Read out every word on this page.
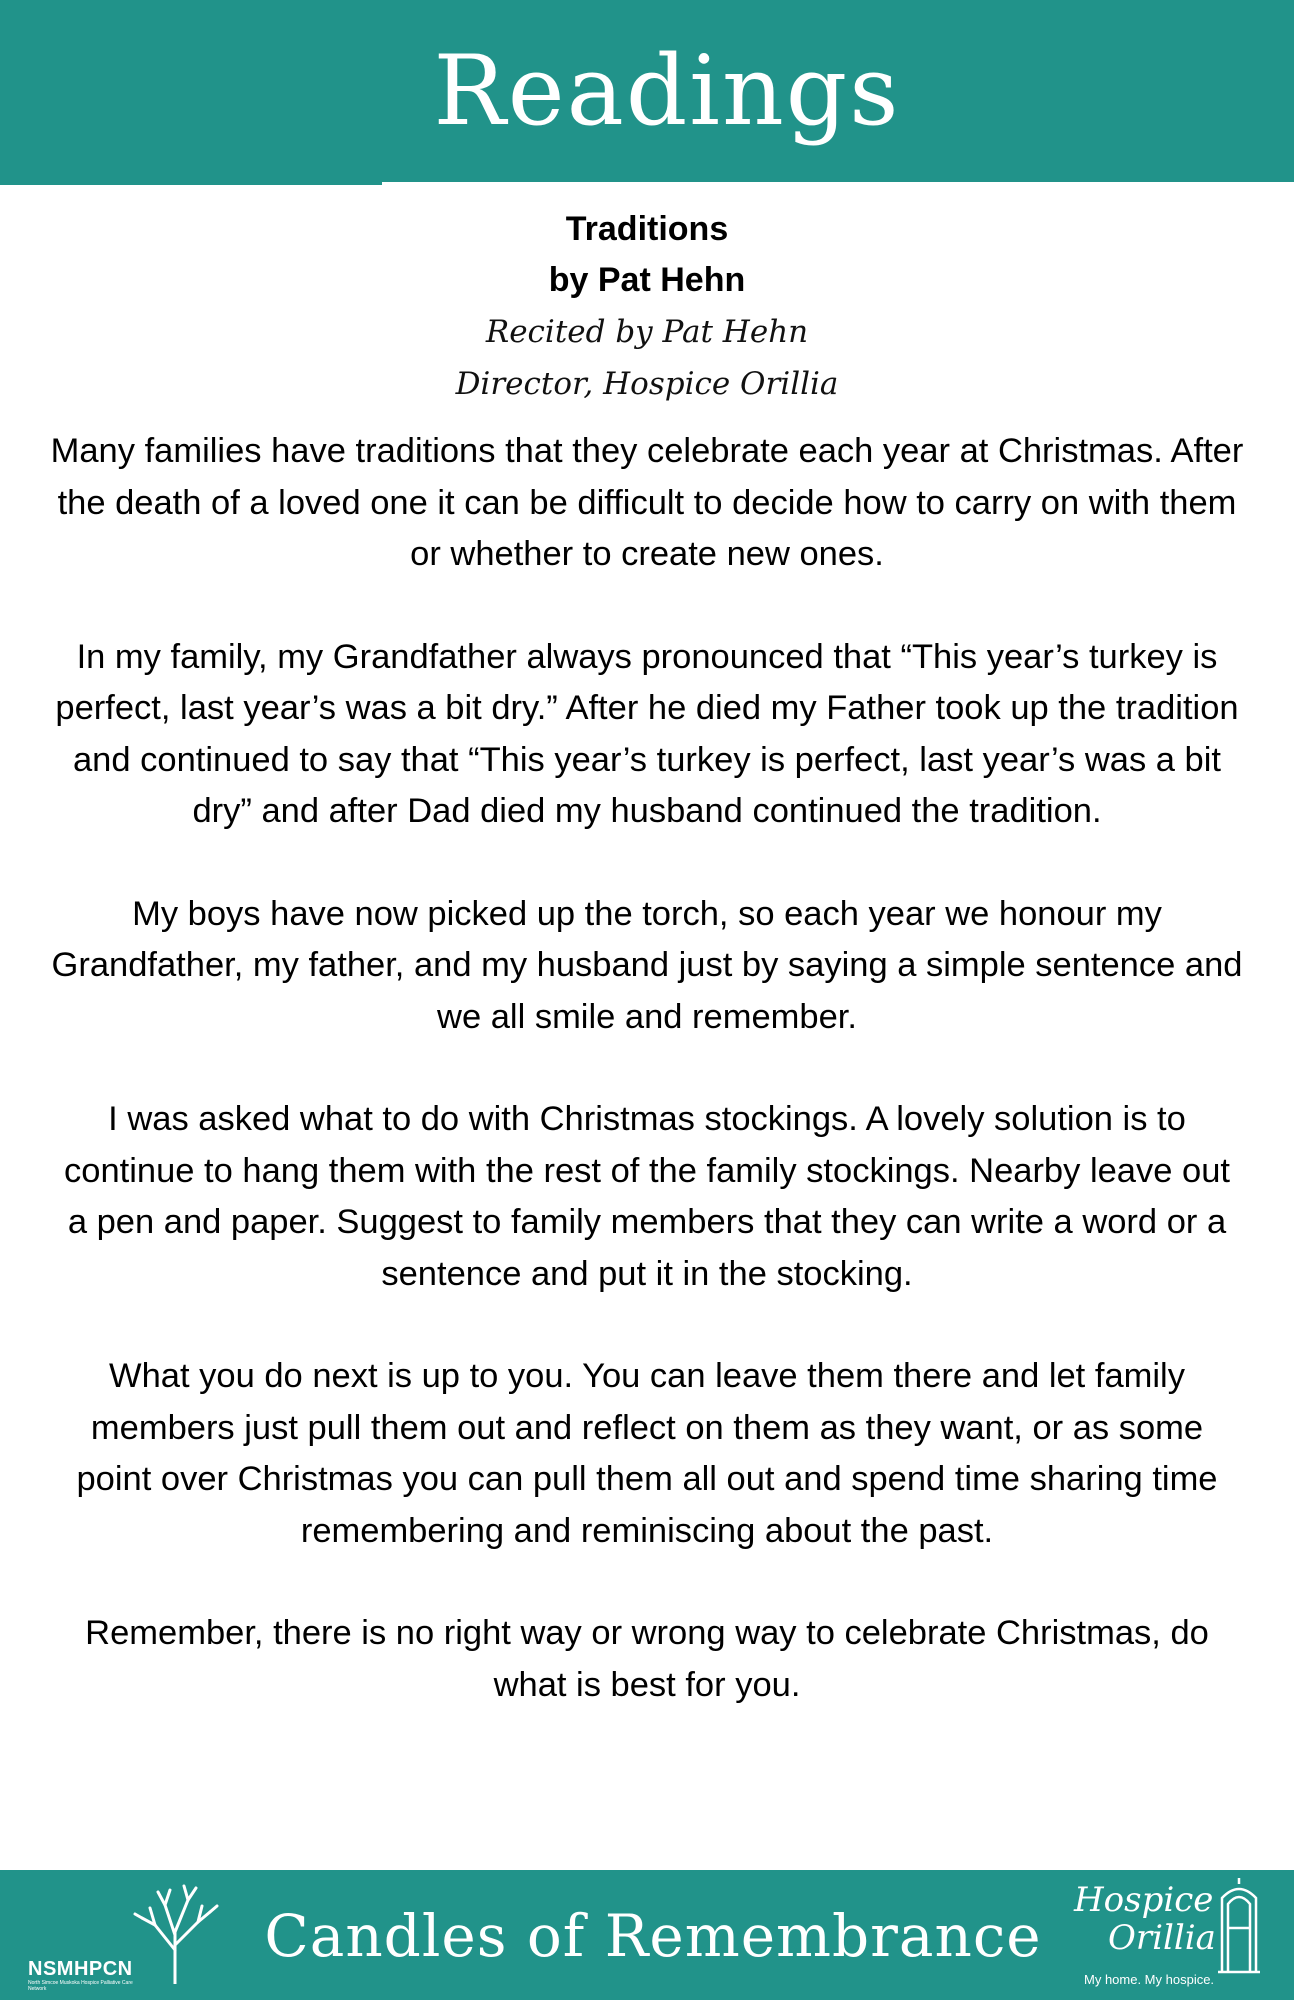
Readings

Traditions

by Pat Hehn

Recited by Pat Hehn

Director, Hospice Orillia

Many families have traditions that they celebrate each year at Christmas. After the death of a loved one it can be difficult to decide how to carry on with them or whether to create new ones.

In my family, my Grandfather always pronounced that “This year’s turkey is perfect, last year’s was a bit dry.” After he died my Father took up the tradition and continued to say that “This year’s turkey is perfect, last year’s was a bit dry” and after Dad died my husband continued the tradition.

My boys have now picked up the torch, so each year we honour my Grandfather, my father, and my husband just by saying a simple sentence and we all smile and remember.

I was asked what to do with Christmas stockings. A lovely solution is to continue to hang them with the rest of the family stockings. Nearby leave out a pen and paper. Suggest to family members that they can write a word or a sentence and put it in the stocking.

What you do next is up to you. You can leave them there and let family members just pull them out and reflect on them as they want, or as some point over Christmas you can pull them all out and spend time sharing time remembering and reminiscing about the past.

Remember, there is no right way or wrong way to celebrate Christmas, do what is best for you.

NSMHPCN
North Simcoe Muskoka Hospice Palliative Care Network
Candles of Remembrance
Hospice
Orillia
My home. My hospice.
